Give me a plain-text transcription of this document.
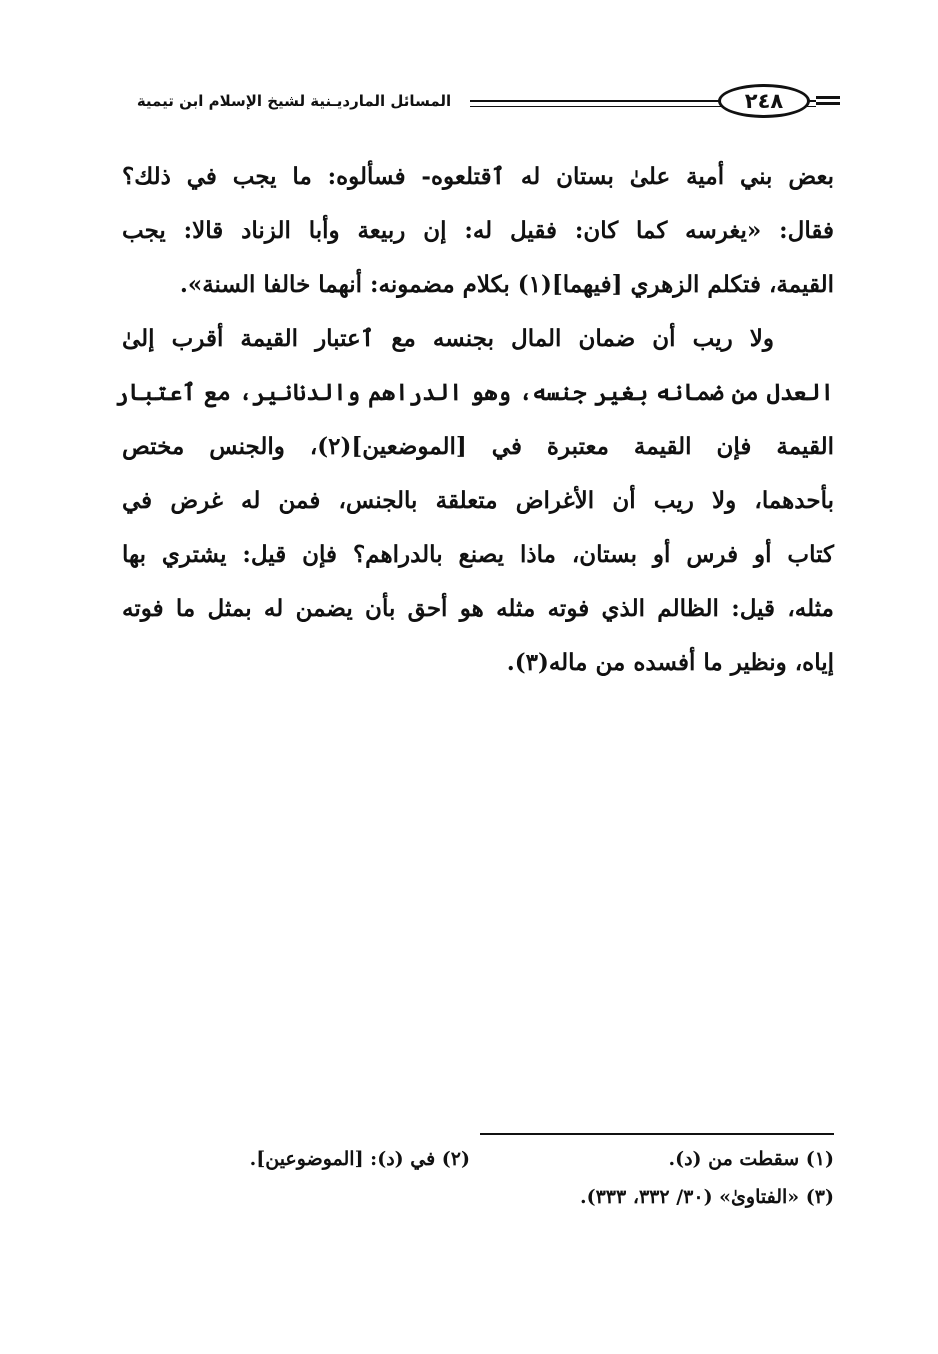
٢٤٨
المسائل المارديـنية لشيخ الإسلام ابن تيمية
بعض بني أمية علىٰ بستان له ٱقتلعوه- فسألوه: ما يجب في ذلك؟
فقال: «يغرسه كما كان: فقيل له: إن ربيعة وأبا الزناد قالا: يجب
القيمة، فتكلم الزهري [فيهما](١) بكلام مضمونه: أنهما خالفا السنة».
ولا ريب أن ضمان المال بجنسه مع ٱعتبار القيمة أقرب إلىٰ
العدل من ضمانه بغير جنسه، وهو الدراهم والدنانير، مع ٱعتبار
القيمة فإن القيمة معتبرة في [الموضعين](٢)، والجنس مختص
بأحدهما، ولا ريب أن الأغراض متعلقة بالجنس، فمن له غرض في
كتاب أو فرس أو بستان، ماذا يصنع بالدراهم؟ فإن قيل: يشتري بها
مثله، قيل: الظالم الذي فوته مثله هو أحق بأن يضمن له بمثل ما فوته
إياه، ونظير ما أفسده من ماله(٣).
(١) سقطت من (د).
(٢) في (د): [الموضوعين].
(٣) «الفتاوىٰ» (٣٠/ ٣٣٢، ٣٣٣).
